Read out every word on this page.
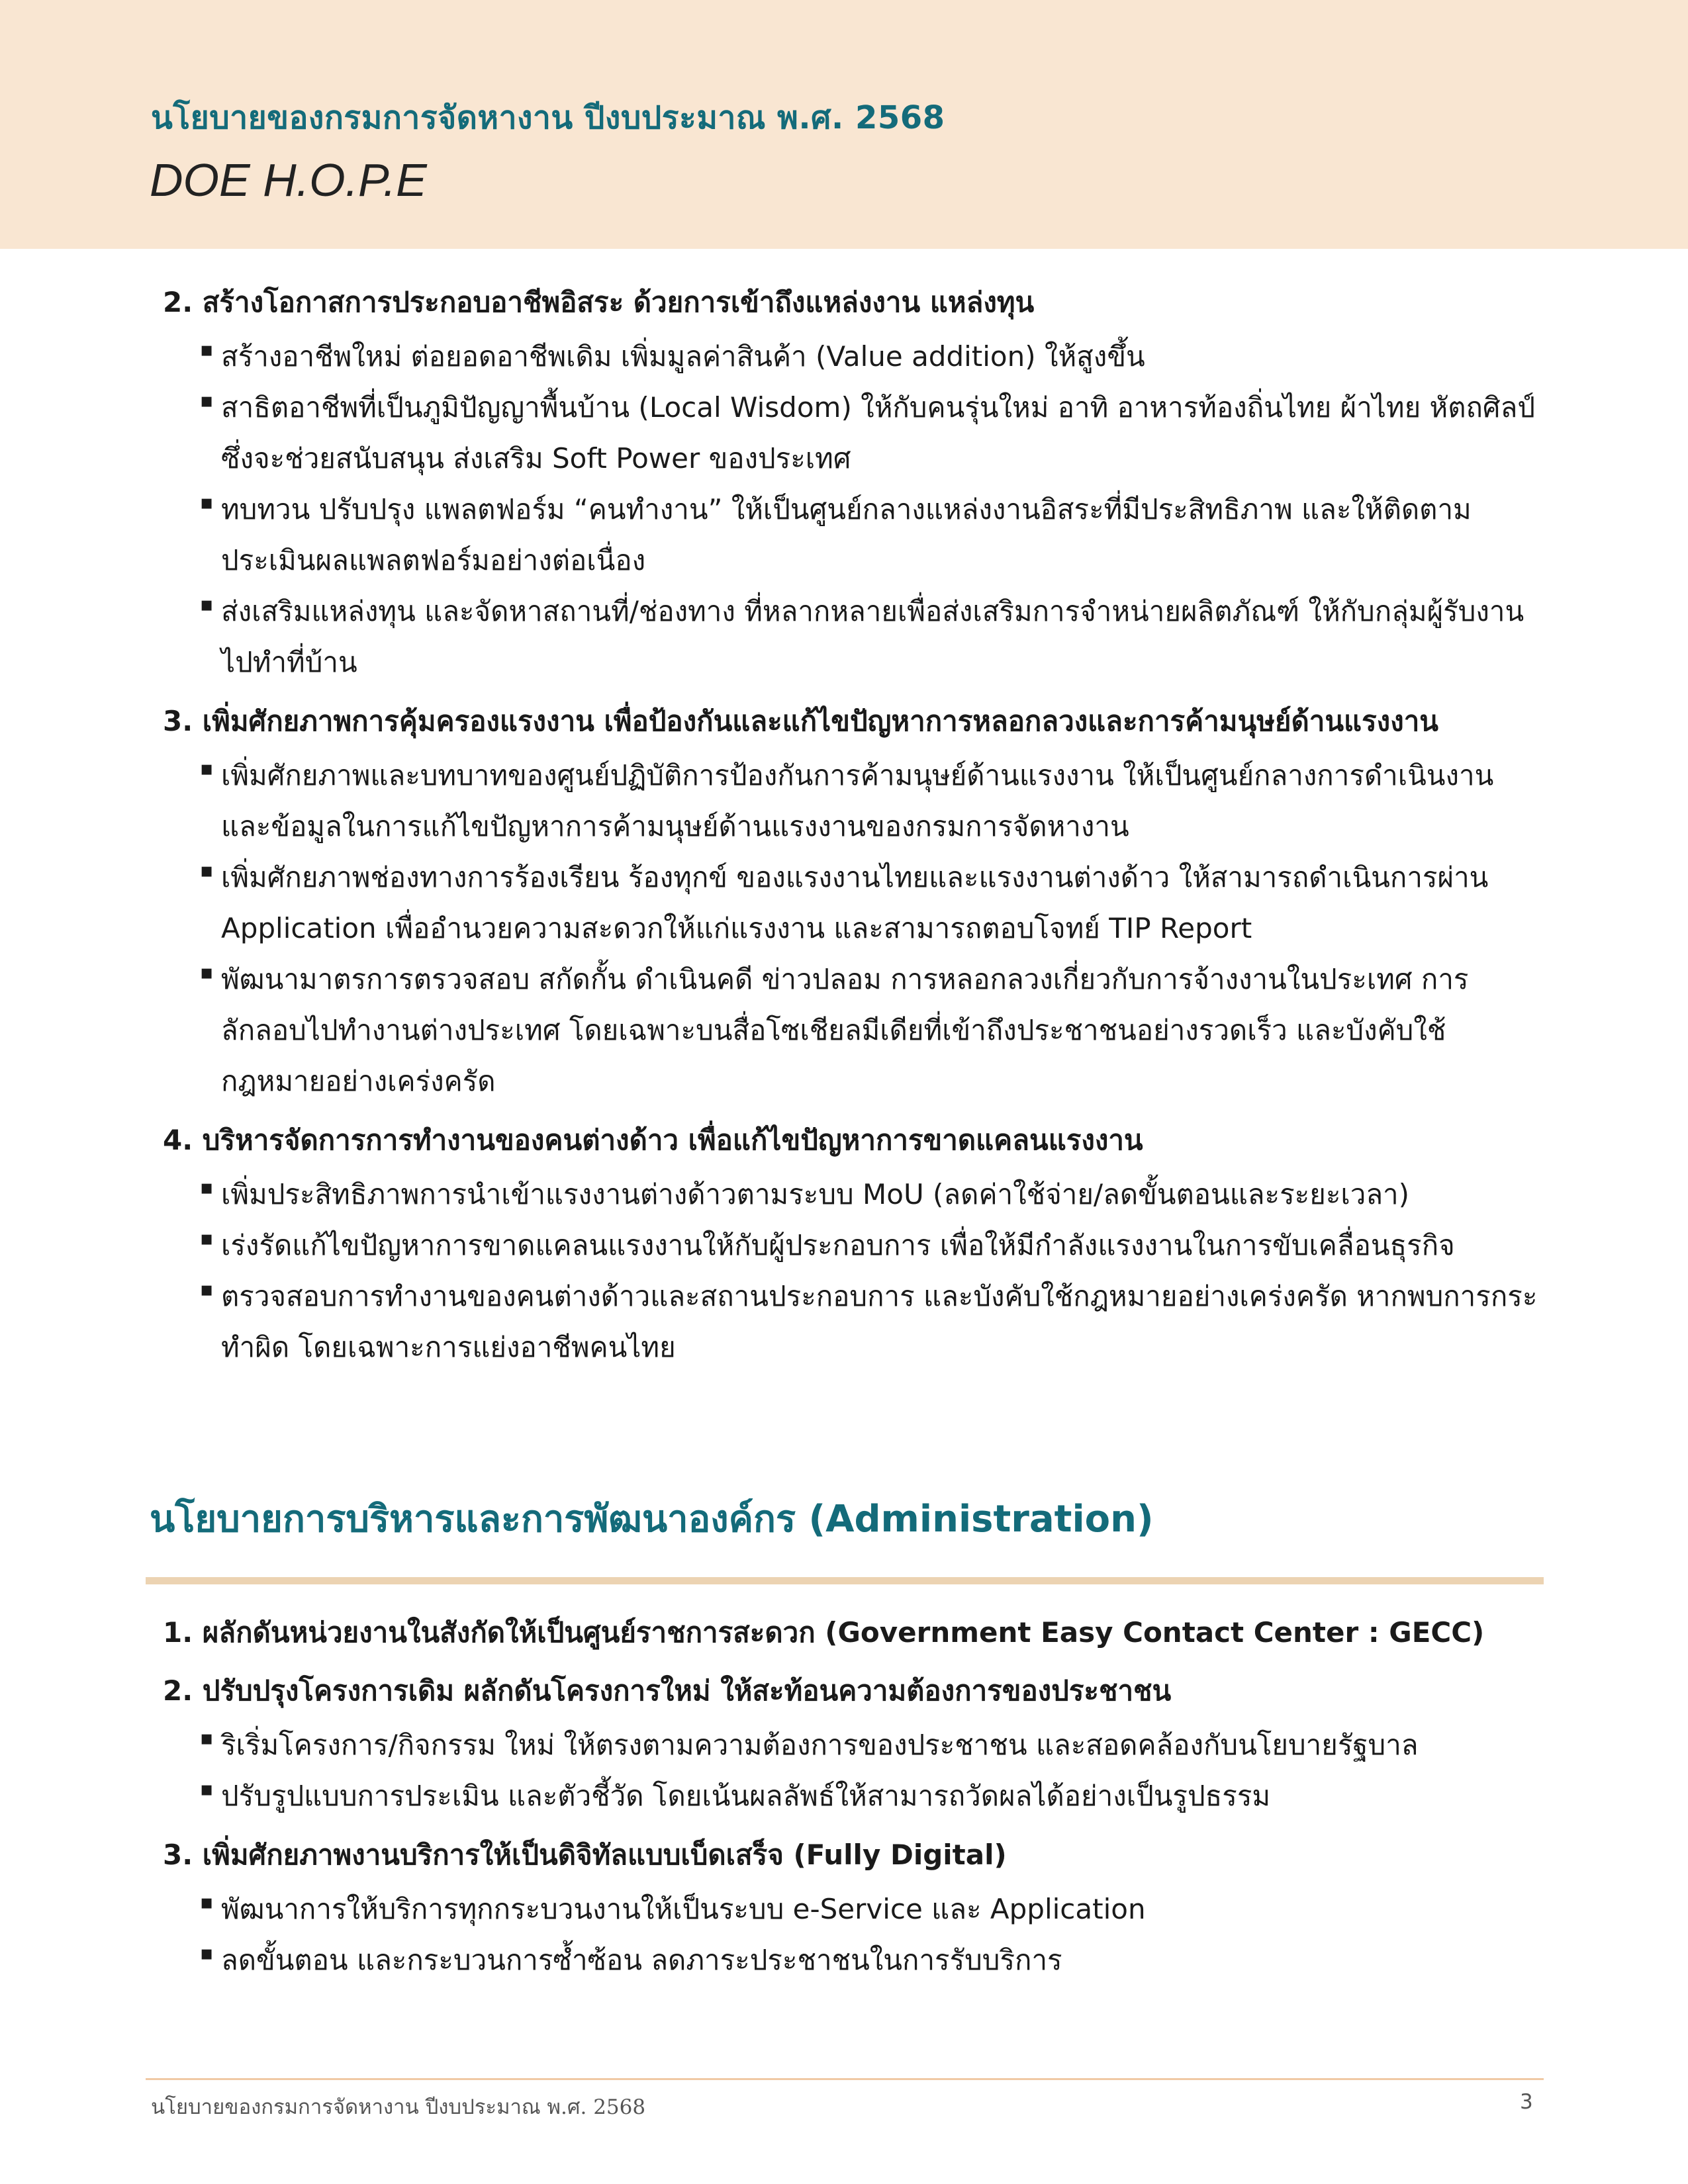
นโยบายของกรมการจัดหางาน ปีงบประมาณ พ.ศ. 2568
DOE H.O.P.E
2. สร้างโอกาสการประกอบอาชีพอิสระ ด้วยการเข้าถึงแหล่งงาน แหล่งทุน
▪ สร้างอาชีพใหม่ ต่อยอดอาชีพเดิม เพิ่มมูลค่าสินค้า (Value addition) ให้สูงขึ้น
▪ สาธิตอาชีพที่เป็นภูมิปัญญาพื้นบ้าน (Local Wisdom) ให้กับคนรุ่นใหม่ อาทิ อาหารท้องถิ่นไทย ผ้าไทย หัตถศิลป์ ซึ่งจะช่วยสนับสนุน ส่งเสริม Soft Power ของประเทศ
▪ ทบทวน ปรับปรุง แพลตฟอร์ม “คนทำงาน” ให้เป็นศูนย์กลางแหล่งงานอิสระที่มีประสิทธิภาพ และให้ติดตามประเมินผลแพลตฟอร์มอย่างต่อเนื่อง
▪ ส่งเสริมแหล่งทุน และจัดหาสถานที่/ช่องทาง ที่หลากหลายเพื่อส่งเสริมการจำหน่ายผลิตภัณฑ์ ให้กับกลุ่มผู้รับงานไปทำที่บ้าน
3. เพิ่มศักยภาพการคุ้มครองแรงงาน เพื่อป้องกันและแก้ไขปัญหาการหลอกลวงและการค้ามนุษย์ด้านแรงงาน
▪ เพิ่มศักยภาพและบทบาทของศูนย์ปฏิบัติการป้องกันการค้ามนุษย์ด้านแรงงาน ให้เป็นศูนย์กลางการดำเนินงานและข้อมูลในการแก้ไขปัญหาการค้ามนุษย์ด้านแรงงานของกรมการจัดหางาน
▪ เพิ่มศักยภาพช่องทางการร้องเรียน ร้องทุกข์ ของแรงงานไทยและแรงงานต่างด้าว ให้สามารถดำเนินการผ่าน Application เพื่ออำนวยความสะดวกให้แก่แรงงาน และสามารถตอบโจทย์ TIP Report
▪ พัฒนามาตรการตรวจสอบ สกัดกั้น ดำเนินคดี ข่าวปลอม การหลอกลวงเกี่ยวกับการจ้างงานในประเทศ การลักลอบไปทำงานต่างประเทศ โดยเฉพาะบนสื่อโซเชียลมีเดียที่เข้าถึงประชาชนอย่างรวดเร็ว และบังคับใช้กฎหมายอย่างเคร่งครัด
4. บริหารจัดการการทำงานของคนต่างด้าว เพื่อแก้ไขปัญหาการขาดแคลนแรงงาน
▪ เพิ่มประสิทธิภาพการนำเข้าแรงงานต่างด้าวตามระบบ MoU (ลดค่าใช้จ่าย/ลดขั้นตอนและระยะเวลา)
▪ เร่งรัดแก้ไขปัญหาการขาดแคลนแรงงานให้กับผู้ประกอบการ เพื่อให้มีกำลังแรงงานในการขับเคลื่อนธุรกิจ
▪ ตรวจสอบการทำงานของคนต่างด้าวและสถานประกอบการ และบังคับใช้กฎหมายอย่างเคร่งครัด หากพบการกระทำผิด โดยเฉพาะการแย่งอาชีพคนไทย
นโยบายการบริหารและการพัฒนาองค์กร (Administration)
1. ผลักดันหน่วยงานในสังกัดให้เป็นศูนย์ราชการสะดวก (Government Easy Contact Center : GECC)
2. ปรับปรุงโครงการเดิม ผลักดันโครงการใหม่ ให้สะท้อนความต้องการของประชาชน
▪ ริเริ่มโครงการ/กิจกรรม ใหม่ ให้ตรงตามความต้องการของประชาชน และสอดคล้องกับนโยบายรัฐบาล
▪ ปรับรูปแบบการประเมิน และตัวชี้วัด โดยเน้นผลลัพธ์ให้สามารถวัดผลได้อย่างเป็นรูปธรรม
3. เพิ่มศักยภาพงานบริการให้เป็นดิจิทัลแบบเบ็ดเสร็จ (Fully Digital)
▪ พัฒนาการให้บริการทุกกระบวนงานให้เป็นระบบ e-Service และ Application
▪ ลดขั้นตอน และกระบวนการซ้ำซ้อน ลดภาระประชาชนในการรับบริการ
นโยบายของกรมการจัดหางาน ปีงบประมาณ พ.ศ. 2568	3
